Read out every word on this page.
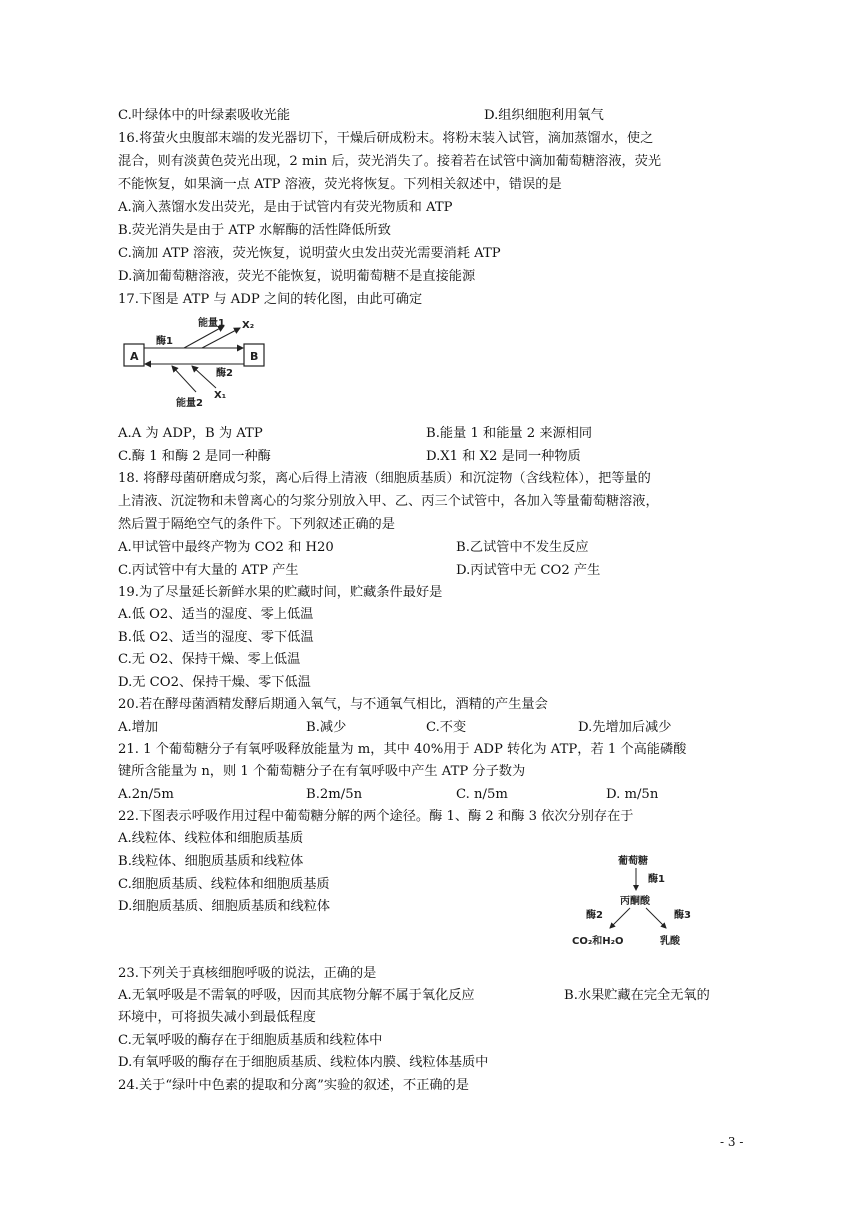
C.叶绿体中的叶绿素吸收光能	D.组织细胞利用氧气
16.将萤火虫腹部末端的发光器切下，干燥后研成粉末。将粉末装入试管，滴加蒸馏水，使之
混合，则有淡黄色荧光出现，2 min 后，荧光消失了。接着若在试管中滴加葡萄糖溶液，荧光
不能恢复，如果滴一点 ATP 溶液，荧光将恢复。下列相关叙述中，错误的是
A.滴入蒸馏水发出荧光，是由于试管内有荧光物质和 ATP
B.荧光消失是由于 ATP 水解酶的活性降低所致
C.滴加 ATP 溶液，荧光恢复，说明萤火虫发出荧光需要消耗 ATP
D.滴加葡萄糖溶液，荧光不能恢复，说明葡萄糖不是直接能源
17.下图是 ATP 与 ADP 之间的转化图，由此可确定
A	B
能量1 X₂
酶1
酶2
能量2
X₁
A.A 为 ADP，B 为 ATP	B.能量 1 和能量 2 来源相同
C.酶 1 和酶 2 是同一种酶	D.X1 和 X2 是同一种物质
18. 将酵母菌研磨成匀浆，离心后得上清液（细胞质基质）和沉淀物（含线粒体），把等量的
上清液、沉淀物和未曾离心的匀浆分别放入甲、乙、丙三个试管中，各加入等量葡萄糖溶液，
然后置于隔绝空气的条件下。下列叙述正确的是
A.甲试管中最终产物为 CO2 和 H20	B.乙试管中不发生反应
C.丙试管中有大量的 ATP 产生	D.丙试管中无 CO2 产生
19.为了尽量延长新鲜水果的贮藏时间，贮藏条件最好是
A.低 O2、适当的湿度、零上低温
B.低 O2、适当的湿度、零下低温
C.无 O2、保持干燥、零上低温
D.无 CO2、保持干燥、零下低温
20.若在酵母菌酒精发酵后期通入氧气，与不通氧气相比，酒精的产生量会
A.增加	B.减少	C.不变	D.先增加后减少
21. 1 个葡萄糖分子有氧呼吸释放能量为 m，其中 40%用于 ADP 转化为 ATP，若 1 个高能磷酸
键所含能量为 n，则 1 个葡萄糖分子在有氧呼吸中产生 ATP 分子数为
A.2n/5m	B.2m/5n	C. n/5m	D. m/5n
22.下图表示呼吸作用过程中葡萄糖分解的两个途径。酶 1、酶 2 和酶 3 依次分别存在于
A.线粒体、线粒体和细胞质基质
B.线粒体、细胞质基质和线粒体
C.细胞质基质、线粒体和细胞质基质
D.细胞质基质、细胞质基质和线粒体
葡萄糖
酶1
丙酮酸
酶2	酶3
CO₂和H₂O	乳酸
23.下列关于真核细胞呼吸的说法，正确的是
A.无氧呼吸是不需氧的呼吸，因而其底物分解不属于氧化反应	B.水果贮藏在完全无氧的
环境中，可将损失减小到最低程度
C.无氧呼吸的酶存在于细胞质基质和线粒体中
D.有氧呼吸的酶存在于细胞质基质、线粒体内膜、线粒体基质中
24.关于“绿叶中色素的提取和分离”实验的叙述，不正确的是
- 3 -
